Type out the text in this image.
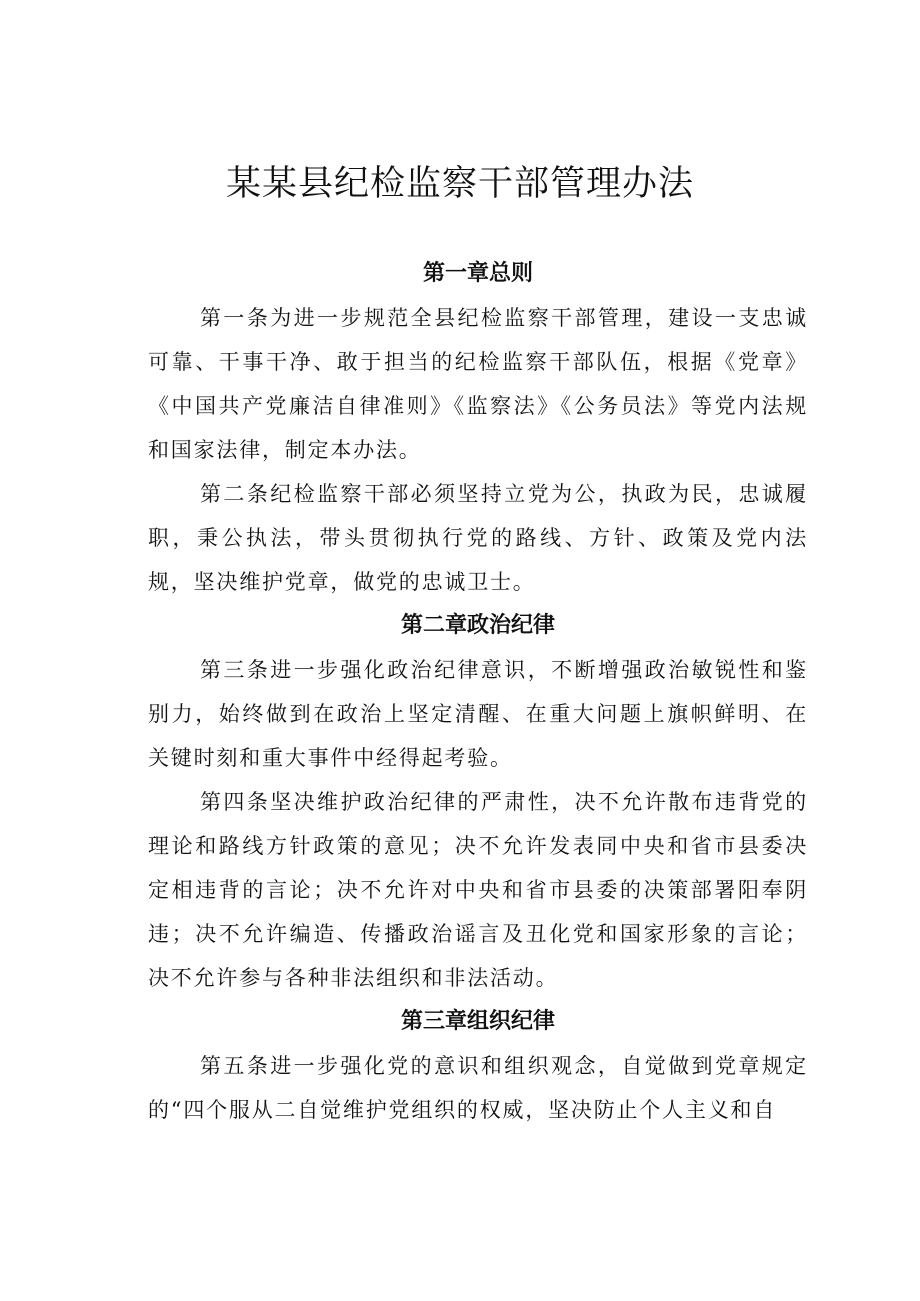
某某县纪检监察干部管理办法
第一章总则

第一条为进一步规范全县纪检监察干部管理，建设一支忠诚可靠、干事干净、敢于担当的纪检监察干部队伍，根据《党章》《中国共产党廉洁自律准则》《监察法》《公务员法》等党内法规和国家法律，制定本办法。

第二条纪检监察干部必须坚持立党为公，执政为民，忠诚履职，秉公执法，带头贯彻执行党的路线、方针、政策及党内法规，坚决维护党章，做党的忠诚卫士。

第二章政治纪律

第三条进一步强化政治纪律意识，不断增强政治敏锐性和鉴别力，始终做到在政治上坚定清醒、在重大问题上旗帜鲜明、在关键时刻和重大事件中经得起考验。

第四条坚决维护政治纪律的严肃性，决不允许散布违背党的理论和路线方针政策的意见；决不允许发表同中央和省市县委决定相违背的言论；决不允许对中央和省市县委的决策部署阳奉阴违；决不允许编造、传播政治谣言及丑化党和国家形象的言论；决不允许参与各种非法组织和非法活动。

第三章组织纪律

第五条进一步强化党的意识和组织观念，自觉做到党章规定的“四个服从二自觉维护党组织的权威，坚决防止个人主义和自
